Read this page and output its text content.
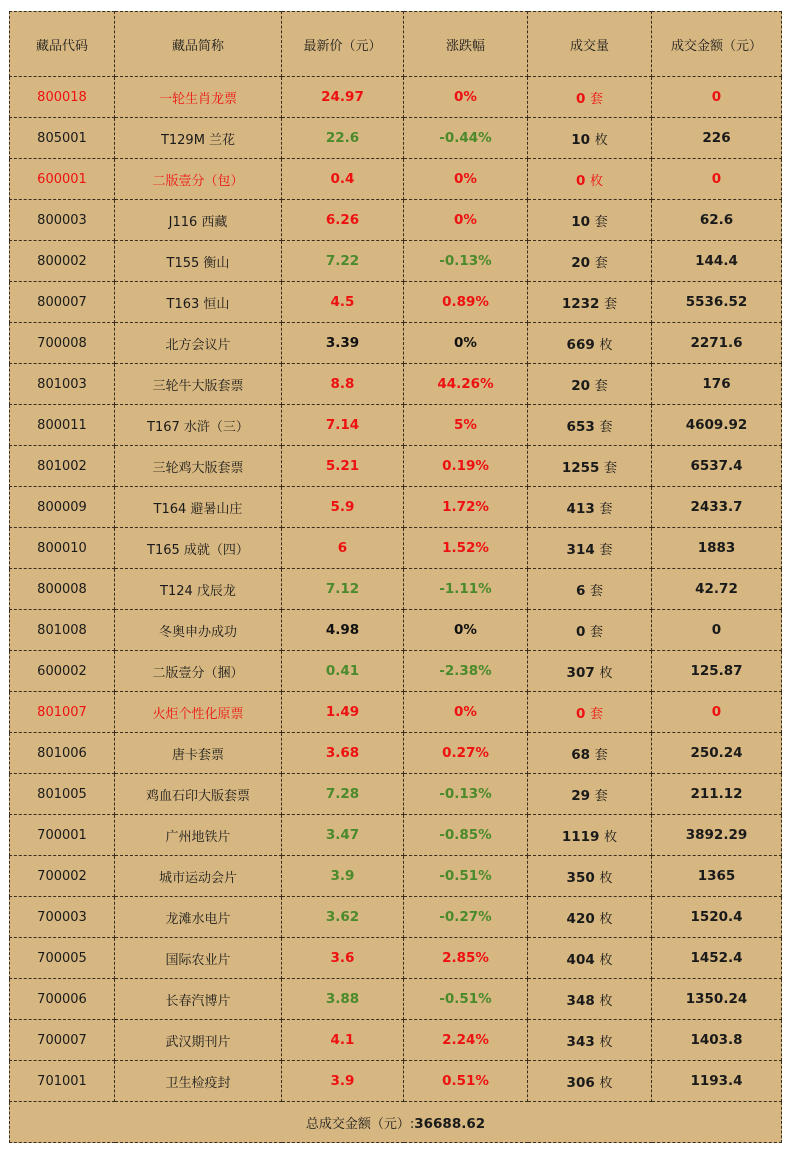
藏品代码	藏品简称	最新价（元）	涨跌幅	成交量	成交金额（元）
800018	一轮生肖龙票	24.97	0%	0 套	0
805001	T129M 兰花	22.6	-0.44%	10 枚	226
600001	二版壹分（包）	0.4	0%	0 枚	0
800003	J116 西藏	6.26	0%	10 套	62.6
800002	T155 衡山	7.22	-0.13%	20 套	144.4
800007	T163 恒山	4.5	0.89%	1232 套	5536.52
700008	北方会议片	3.39	0%	669 枚	2271.6
801003	三轮牛大版套票	8.8	44.26%	20 套	176
800011	T167 水浒（三）	7.14	5%	653 套	4609.92
801002	三轮鸡大版套票	5.21	0.19%	1255 套	6537.4
800009	T164 避暑山庄	5.9	1.72%	413 套	2433.7
800010	T165 成就（四）	6	1.52%	314 套	1883
800008	T124 戊辰龙	7.12	-1.11%	6 套	42.72
801008	冬奥申办成功	4.98	0%	0 套	0
600002	二版壹分（捆）	0.41	-2.38%	307 枚	125.87
801007	火炬个性化原票	1.49	0%	0 套	0
801006	唐卡套票	3.68	0.27%	68 套	250.24
801005	鸡血石印大版套票	7.28	-0.13%	29 套	211.12
700001	广州地铁片	3.47	-0.85%	1119 枚	3892.29
700002	城市运动会片	3.9	-0.51%	350 枚	1365
700003	龙滩水电片	3.62	-0.27%	420 枚	1520.4
700005	国际农业片	3.6	2.85%	404 枚	1452.4
700006	长春汽博片	3.88	-0.51%	348 枚	1350.24
700007	武汉期刊片	4.1	2.24%	343 枚	1403.8
701001	卫生检疫封	3.9	0.51%	306 枚	1193.4
总成交金额（元）:36688.62					
